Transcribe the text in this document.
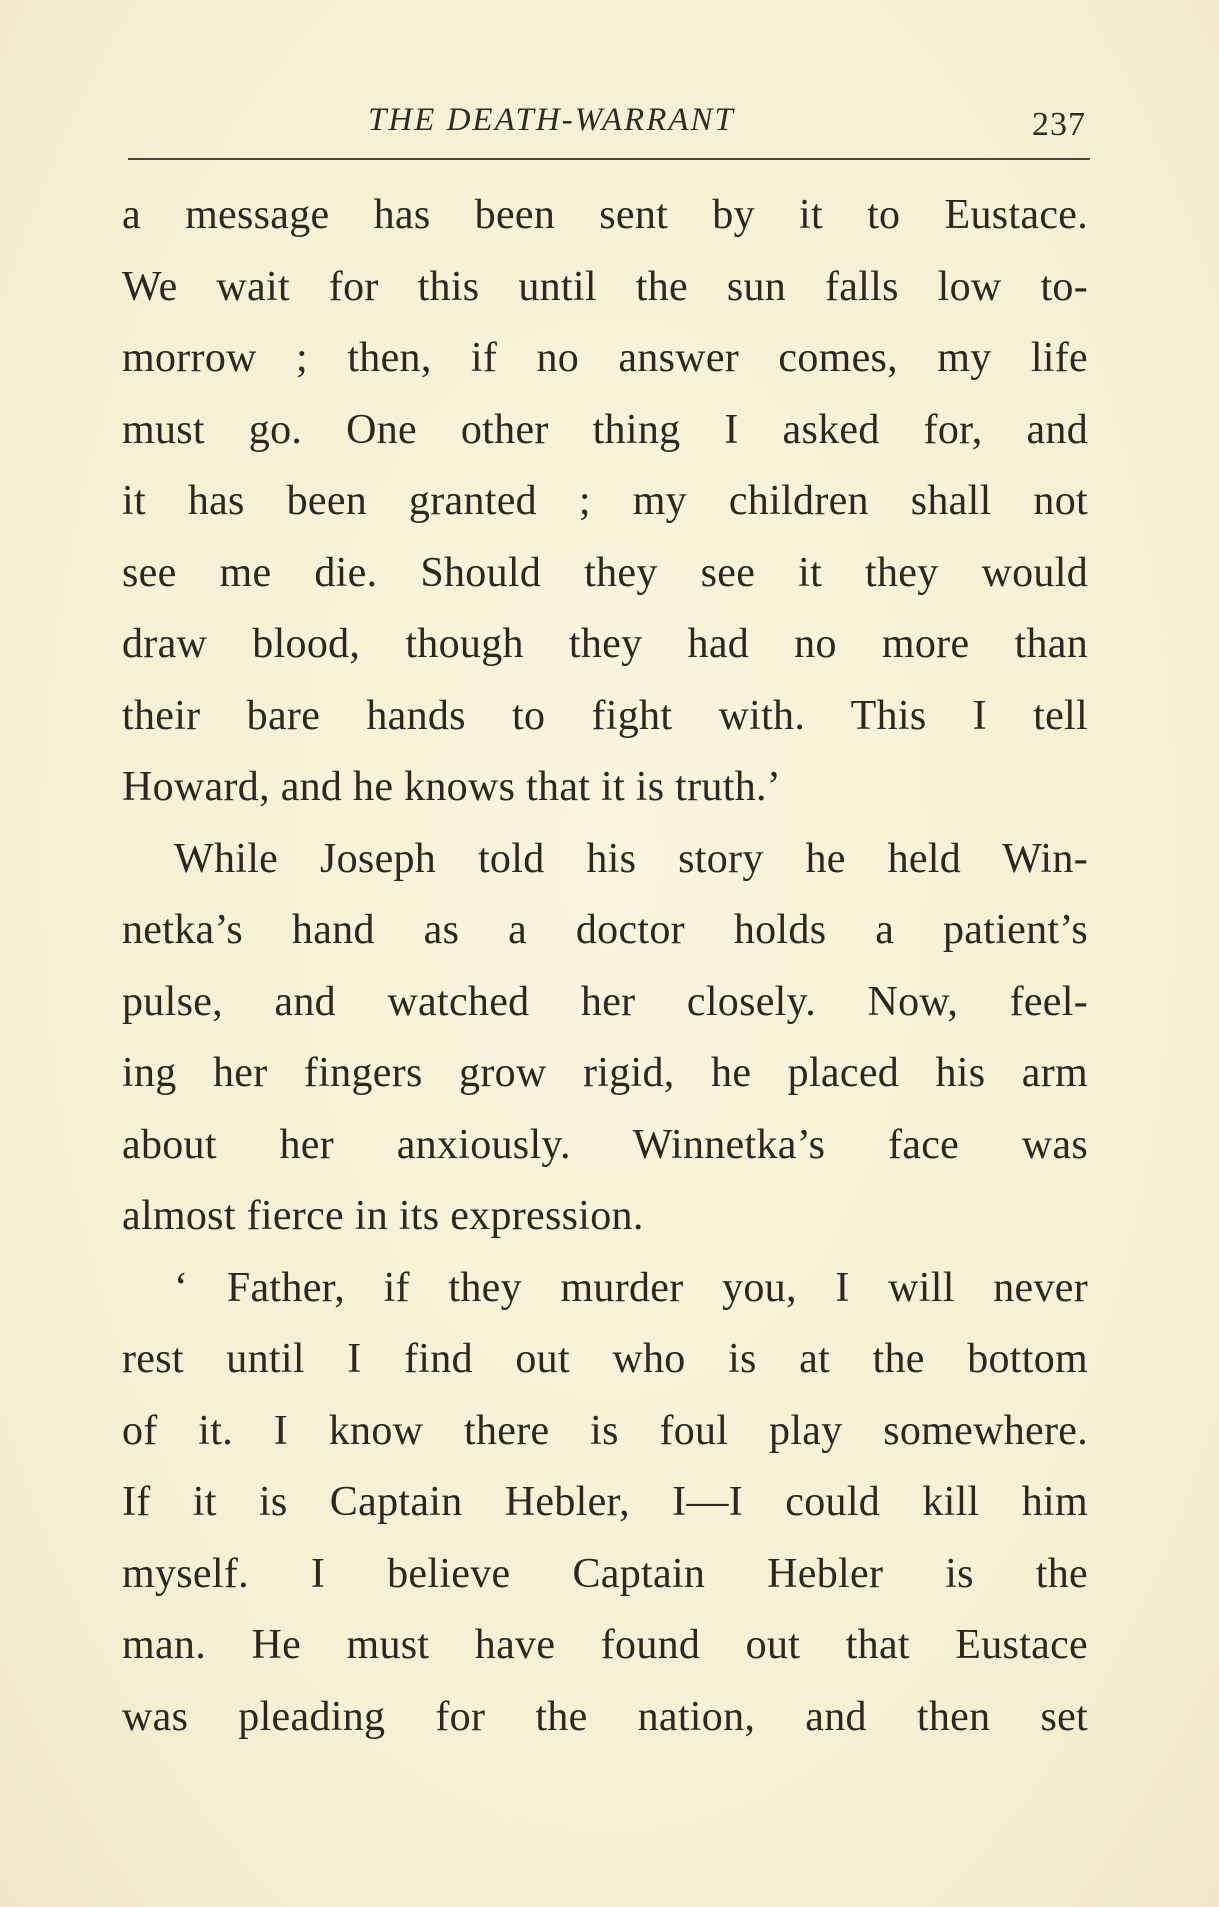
THE DEATH-WARRANT	237
a message has been sent by it to Eustace.
We wait for this until the sun falls low to-
morrow ; then, if no answer comes, my life
must go. One other thing I asked for, and
it has been granted ; my children shall not
see me die. Should they see it they would
draw blood, though they had no more than
their bare hands to fight with. This I tell
Howard, and he knows that it is truth.’
While Joseph told his story he held Win-
netka’s hand as a doctor holds a patient’s
pulse, and watched her closely. Now, feel-
ing her fingers grow rigid, he placed his arm
about her anxiously. Winnetka’s face was
almost fierce in its expression.
‘ Father, if they murder you, I will never
rest until I find out who is at the bottom
of it. I know there is foul play somewhere.
If it is Captain Hebler, I—I could kill him
myself. I believe Captain Hebler is the
man. He must have found out that Eustace
was pleading for the nation, and then set
